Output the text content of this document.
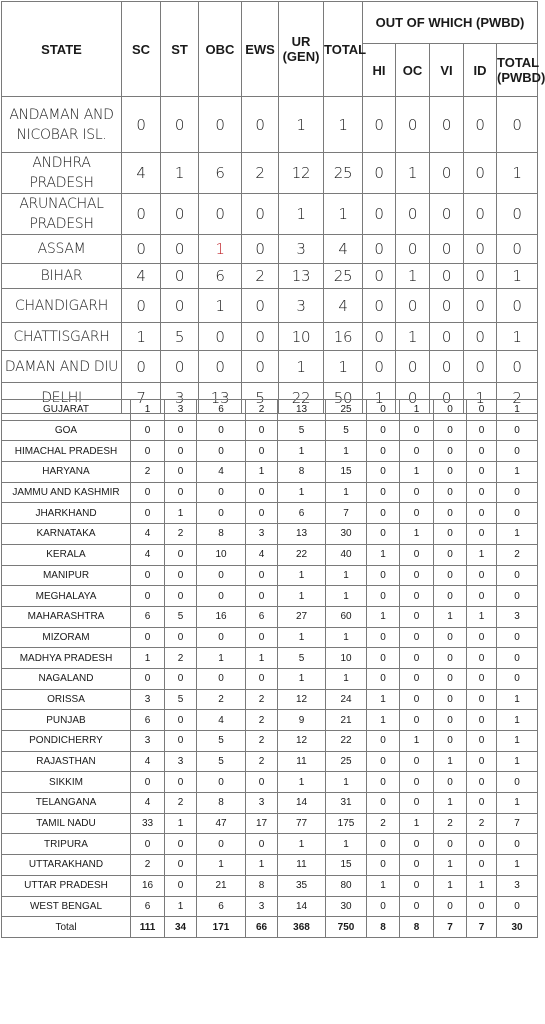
STATE	SC	ST	OBC	EWS	UR
(GEN)	TOTAL	OUT OF WHICH (PWBD)				
							HI	OC	VI	ID	TOTAL
(PWBD)
ANDAMAN AND
NICOBAR ISL.	0	0	0	0	1	1	0	0	0	0	0
ANDHRA PRADESH	4	1	6	2	12	25	0	1	0	0	1
ARUNACHAL PRADESH	0	0	0	0	1	1	0	0	0	0	0
ASSAM	0	0	1	0	3	4	0	0	0	0	0
BIHAR	4	0	6	2	13	25	0	1	0	0	1
CHANDIGARH	0	0	1	0	3	4	0	0	0	0	0
CHATTISGARH	1	5	0	0	10	16	0	1	0	0	1
DAMAN AND DIU	0	0	0	0	1	1	0	0	0	0	0
DELHI	7	3	13	5	22	50	1	0	0	1	2
GUJARAT	1	3	6	2	13	25	0	1	0	0	1
GOA	0	0	0	0	5	5	0	0	0	0	0
HIMACHAL PRADESH	0	0	0	0	1	1	0	0	0	0	0
HARYANA	2	0	4	1	8	15	0	1	0	0	1
JAMMU AND KASHMIR	0	0	0	0	1	1	0	0	0	0	0
JHARKHAND	0	1	0	0	6	7	0	0	0	0	0
KARNATAKA	4	2	8	3	13	30	0	1	0	0	1
KERALA	4	0	10	4	22	40	1	0	0	1	2
MANIPUR	0	0	0	0	1	1	0	0	0	0	0
MEGHALAYA	0	0	0	0	1	1	0	0	0	0	0
MAHARASHTRA	6	5	16	6	27	60	1	0	1	1	3
MIZORAM	0	0	0	0	1	1	0	0	0	0	0
MADHYA PRADESH	1	2	1	1	5	10	0	0	0	0	0
NAGALAND	0	0	0	0	1	1	0	0	0	0	0
ORISSA	3	5	2	2	12	24	1	0	0	0	1
PUNJAB	6	0	4	2	9	21	1	0	0	0	1
PONDICHERRY	3	0	5	2	12	22	0	1	0	0	1
RAJASTHAN	4	3	5	2	11	25	0	0	1	0	1
SIKKIM	0	0	0	0	1	1	0	0	0	0	0
TELANGANA	4	2	8	3	14	31	0	0	1	0	1
TAMIL NADU	33	1	47	17	77	175	2	1	2	2	7
TRIPURA	0	0	0	0	1	1	0	0	0	0	0
UTTARAKHAND	2	0	1	1	11	15	0	0	1	0	1
UTTAR PRADESH	16	0	21	8	35	80	1	0	1	1	3
WEST BENGAL	6	1	6	3	14	30	0	0	0	0	0
Total	111	34	171	66	368	750	8	8	7	7	30
